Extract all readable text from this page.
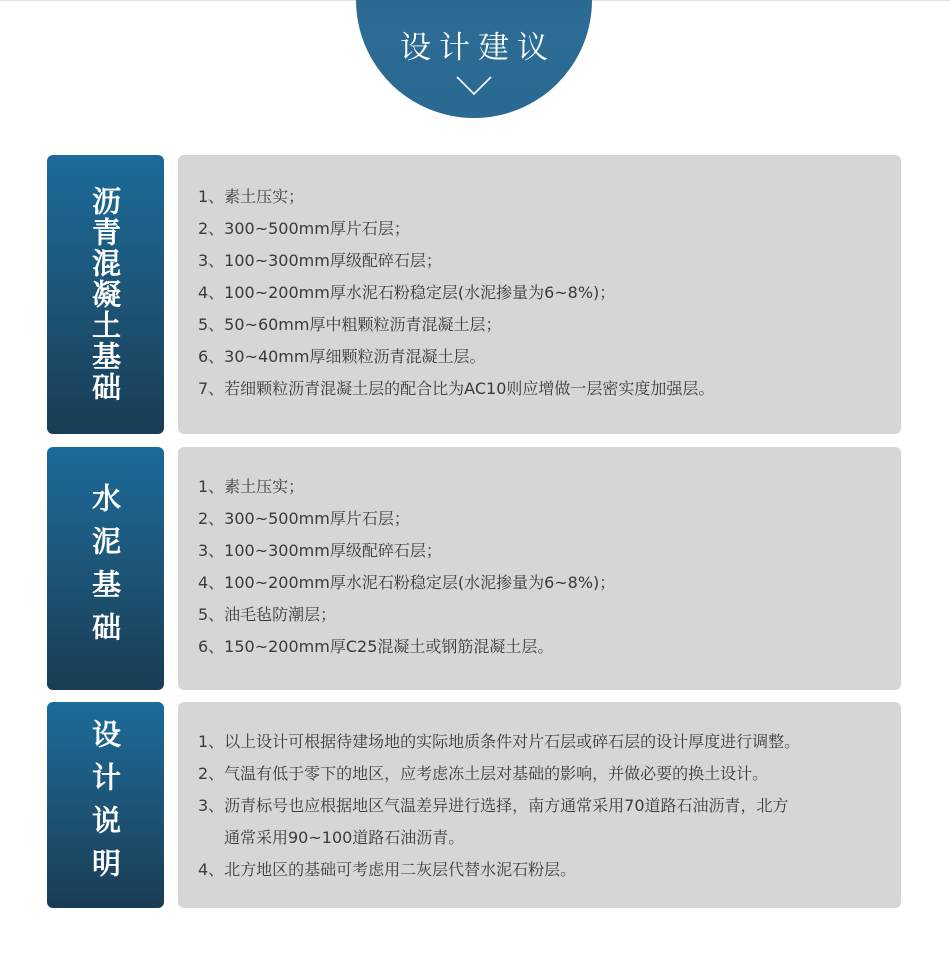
设计建议
沥青混凝土基础	1、素土压实；
2、300~500mm厚片石层；
3、100~300mm厚级配碎石层；
4、100~200mm厚水泥石粉稳定层(水泥掺量为6~8%)；
5、50~60mm厚中粗颗粒沥青混凝土层；
6、30~40mm厚细颗粒沥青混凝土层。
7、若细颗粒沥青混凝土层的配合比为AC10则应增做一层密实度加强层。
水泥基础	1、素土压实；
2、300~500mm厚片石层；
3、100~300mm厚级配碎石层；
4、100~200mm厚水泥石粉稳定层(水泥掺量为6~8%)；
5、油毛毡防潮层；
6、150~200mm厚C25混凝土或钢筋混凝土层。
设计说明	1、以上设计可根据待建场地的实际地质条件对片石层或碎石层的设计厚度进行调整。
2、气温有低于零下的地区，应考虑冻土层对基础的影响，并做必要的换土设计。
3、沥青标号也应根据地区气温差异进行选择，南方通常采用70道路石油沥青，北方
通常采用90~100道路石油沥青。
4、北方地区的基础可考虑用二灰层代替水泥石粉层。
